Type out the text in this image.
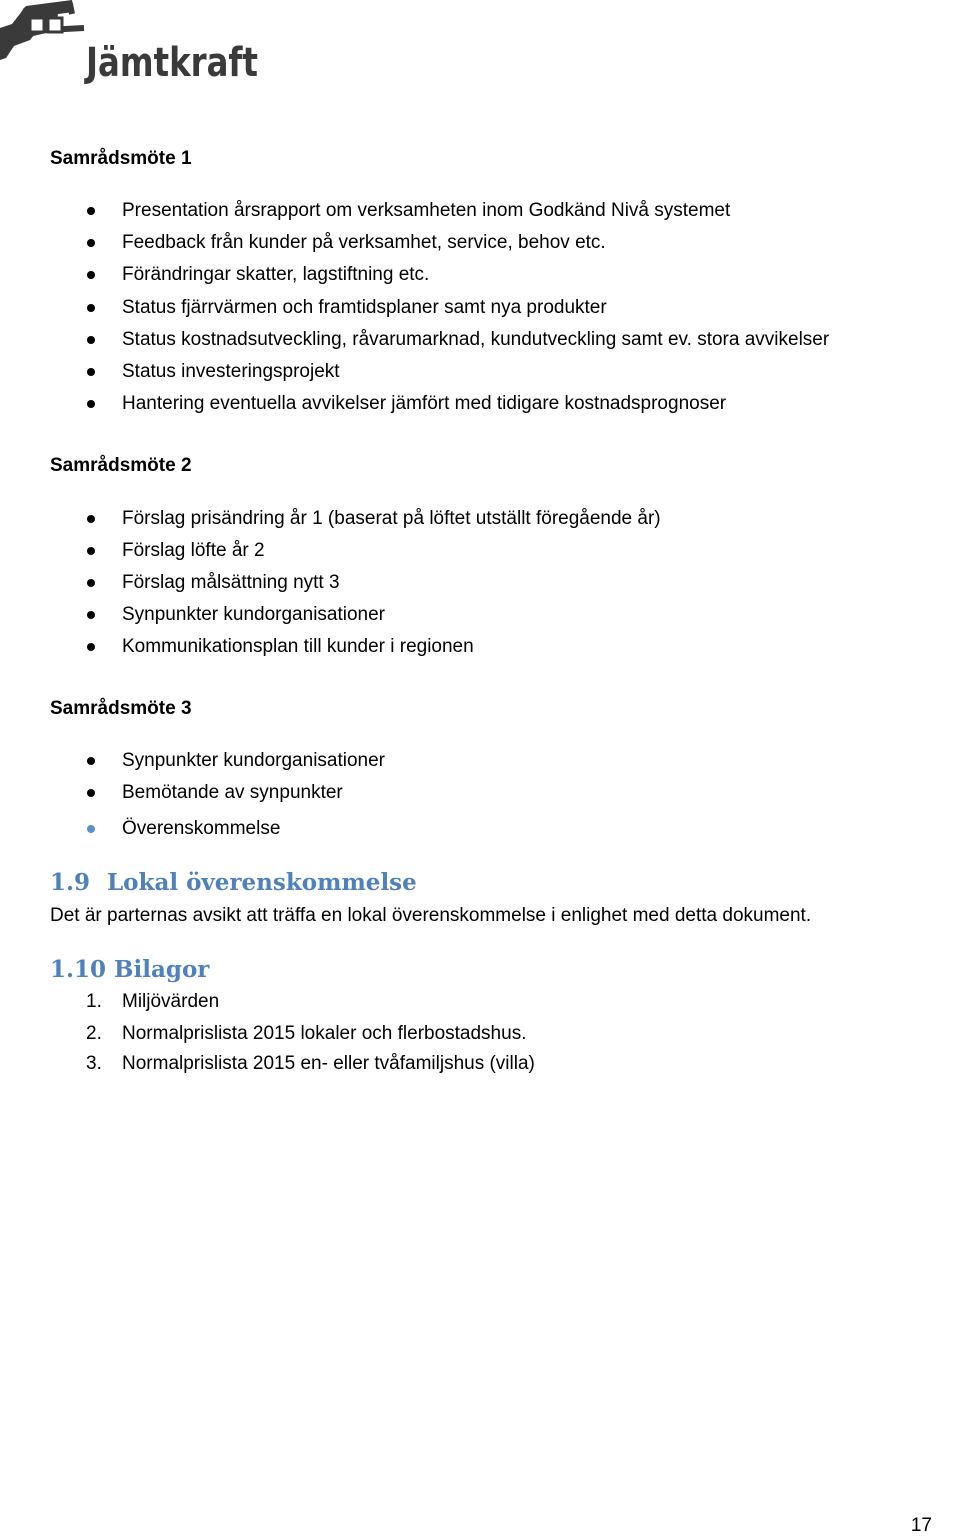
Jämtkraft
Samrådsmöte 1
Presentation årsrapport om verksamheten inom Godkänd Nivå systemet
Feedback från kunder på verksamhet, service, behov etc.
Förändringar skatter, lagstiftning etc.
Status fjärrvärmen och framtidsplaner samt nya produkter
Status kostnadsutveckling, råvarumarknad, kundutveckling samt ev. stora avvikelser
Status investeringsprojekt
Hantering eventuella avvikelser jämfört med tidigare kostnadsprognoser
Samrådsmöte 2
Förslag prisändring år 1 (baserat på löftet utställt föregående år)
Förslag löfte år 2
Förslag målsättning nytt 3
Synpunkter kundorganisationer
Kommunikationsplan till kunder i regionen
Samrådsmöte 3
Synpunkter kundorganisationer
Bemötande av synpunkter
Överenskommelse
1.9 Lokal överenskommelse
Det är parternas avsikt att träffa en lokal överenskommelse i enlighet med detta dokument.
1.10 Bilagor
1. Miljövärden
2. Normalprislista 2015 lokaler och flerbostadshus.
3. Normalprislista 2015 en- eller tvåfamiljshus (villa)
17
